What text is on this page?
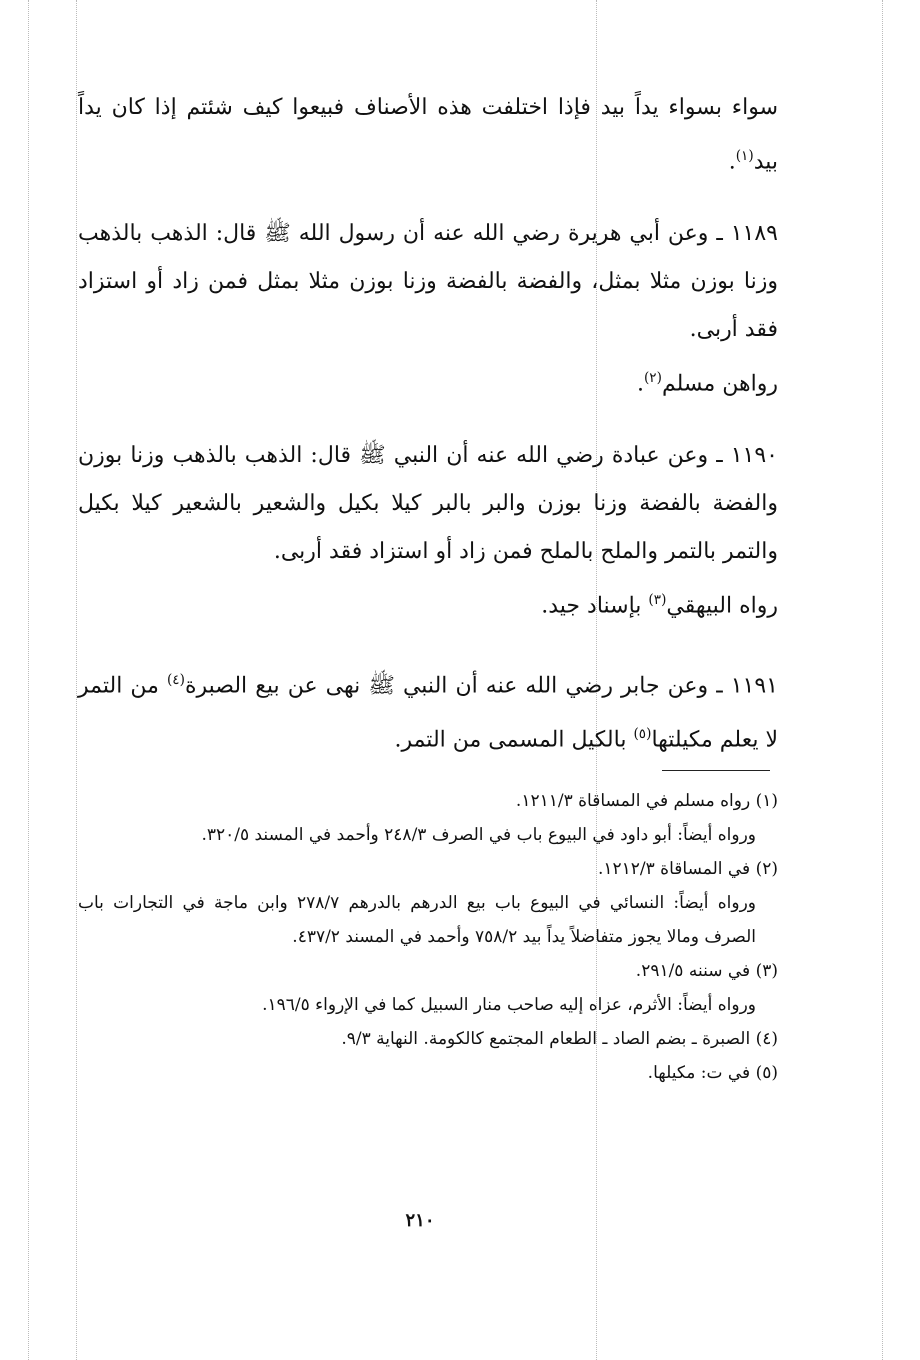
سواء بسواء يداً بيد فإذا اختلفت هذه الأصناف فبيعوا كيف شئتم إذا كان يداً بيد$^{(١)}$.

١١٨٩ ـ وعن أبي هريرة رضي الله عنه أن رسول الله ﷺ قال: الذهب بالذهب وزنا بوزن مثلا بمثل، والفضة بالفضة وزنا بوزن مثلا بمثل فمن زاد أو استزاد فقد أربى.

رواهن مسلم$^{(٢)}$.

١١٩٠ ـ وعن عبادة رضي الله عنه أن النبي ﷺ قال: الذهب بالذهب وزنا بوزن والفضة بالفضة وزنا بوزن والبر بالبر كيلا بكيل والشعير بالشعير كيلا بكيل والتمر بالتمر والملح بالملح فمن زاد أو استزاد فقد أربى.

رواه البيهقي$^{(٣)}$ بإسناد جيد.

١١٩١ ـ وعن جابر رضي الله عنه أن النبي ﷺ نهى عن بيع الصبرة$^{(٤)}$ من التمر لا يعلم مكيلتها$^{(٥)}$ بالكيل المسمى من التمر.

(١) رواه مسلم في المساقاة ١٢١١/٣.

ورواه أيضاً: أبو داود في البيوع باب في الصرف ٢٤٨/٣ وأحمد في المسند ٣٢٠/٥.

(٢) في المساقاة ١٢١٢/٣.

ورواه أيضاً: النسائي في البيوع باب بيع الدرهم بالدرهم ٢٧٨/٧ وابن ماجة في التجارات باب الصرف ومالا يجوز متفاضلاً يداً بيد ٧٥٨/٢ وأحمد في المسند ٤٣٧/٢.

(٣) في سننه ٢٩١/٥.

ورواه أيضاً: الأثرم، عزاه إليه صاحب منار السبيل كما في الإرواء ١٩٦/٥.

(٤) الصبرة ـ بضم الصاد ـ الطعام المجتمع كالكومة. النهاية ٩/٣.

(٥) في ت: مكيلها.

٢١٠
